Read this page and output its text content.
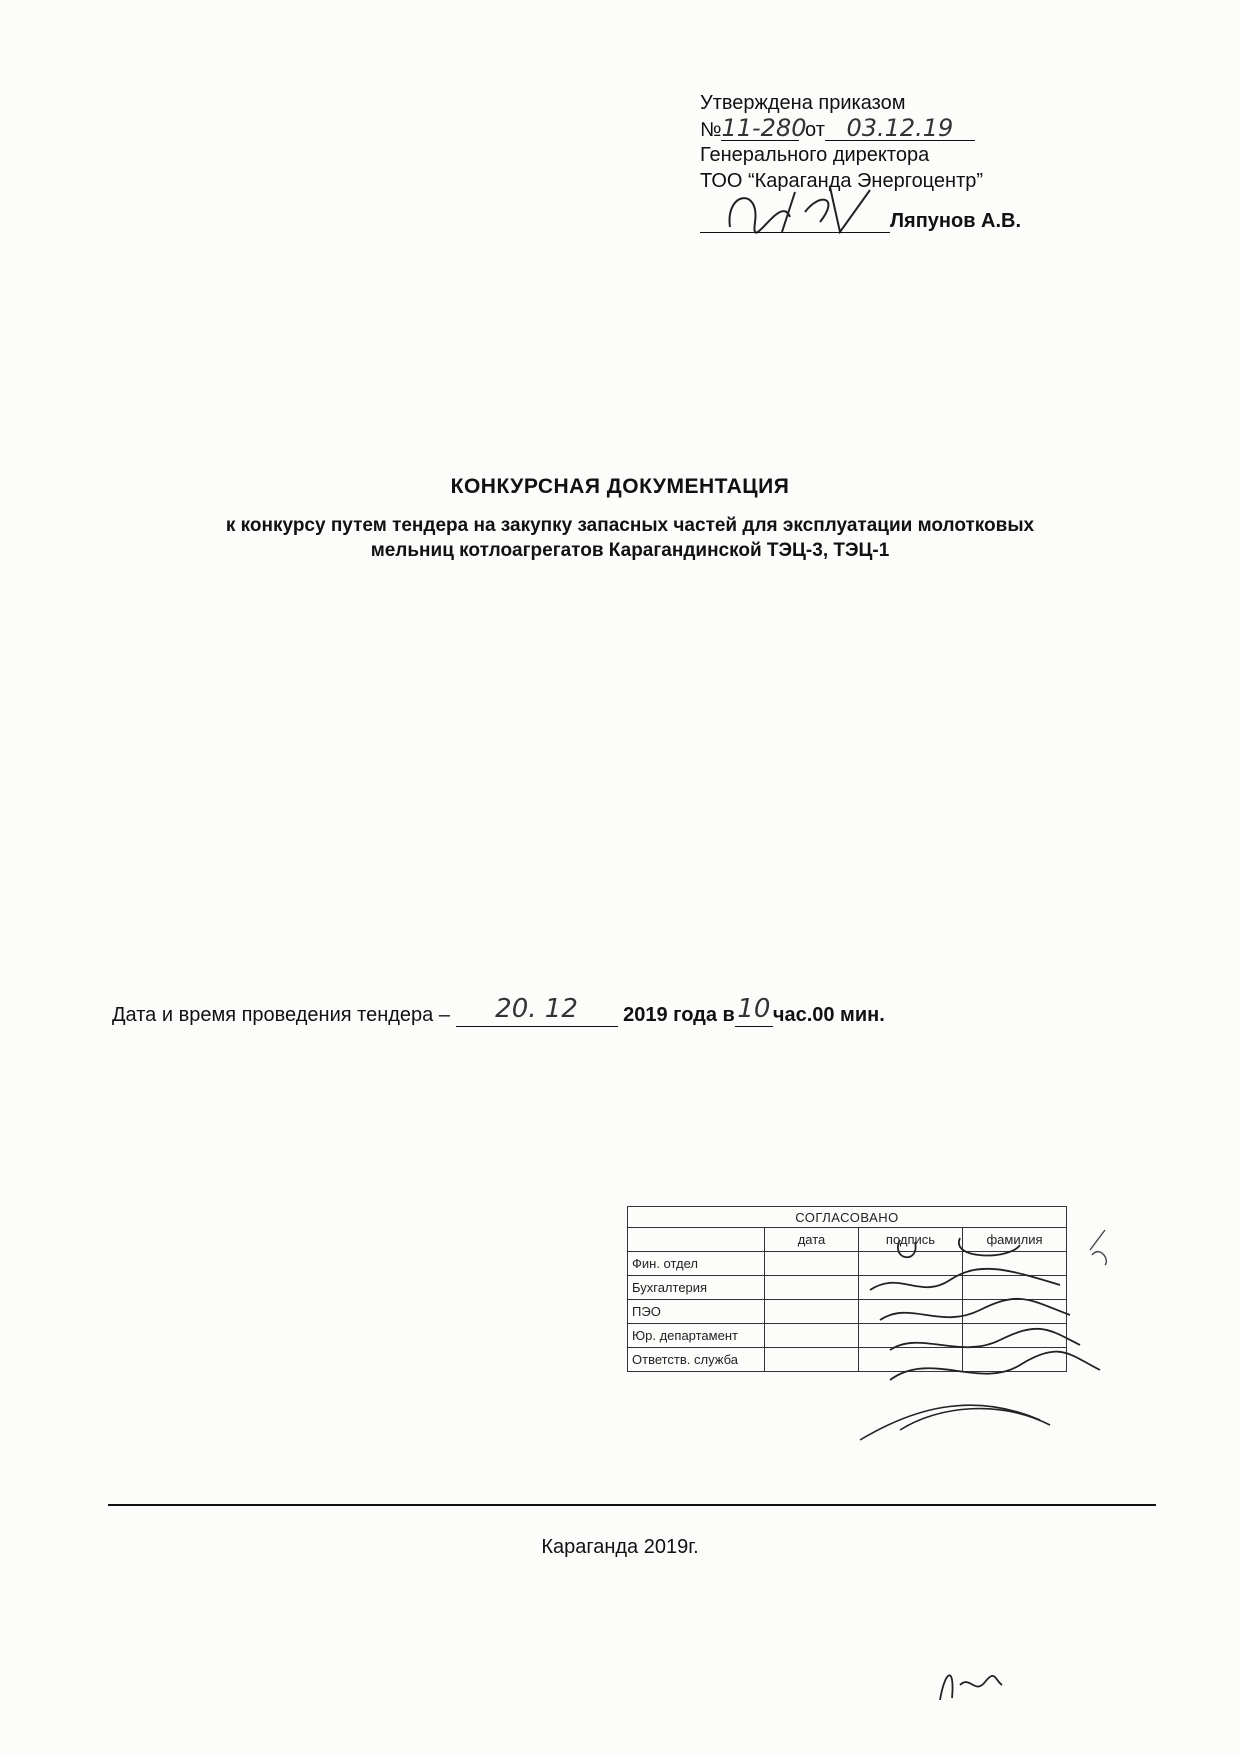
Утверждена приказом
№11-280 от 03.12.19
Генерального директора
ТОО “Караганда Энергоцентр”
Ляпунов А.В.
КОНКУРСНАЯ ДОКУМЕНТАЦИЯ
к конкурсу путем тендера на закупку запасных частей для эксплуатации молотковых
мельниц котлоагрегатов Карагандинской ТЭЦ-3, ТЭЦ-1
Дата и время проведения тендера –	20. 12	2019 года в 10 час.00 мин.
СОГЛАСОВАНО			
	дата	подпись	фамилия
Фин. отдел			
Бухгалтерия			
ПЭО			
Юр. департамент			
Ответств. служба			
Караганда 2019г.
